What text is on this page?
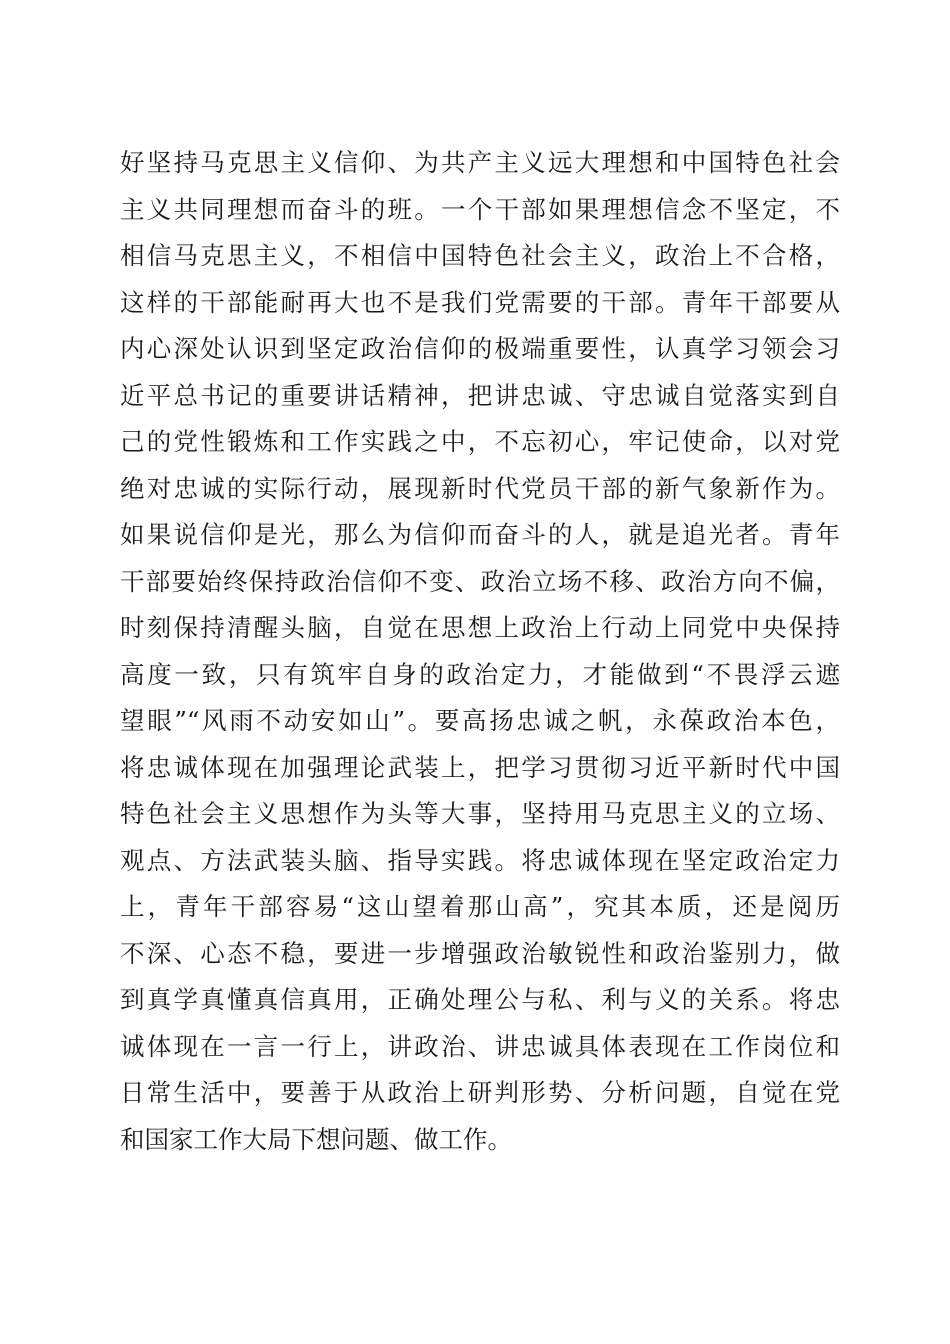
好坚持马克思主义信仰、为共产主义远大理想和中国特色社会
主义共同理想而奋斗的班。一个干部如果理想信念不坚定，不
相信马克思主义，不相信中国特色社会主义，政治上不合格，
这样的干部能耐再大也不是我们党需要的干部。青年干部要从
内心深处认识到坚定政治信仰的极端重要性，认真学习领会习
近平总书记的重要讲话精神，把讲忠诚、守忠诚自觉落实到自
己的党性锻炼和工作实践之中，不忘初心，牢记使命，以对党
绝对忠诚的实际行动，展现新时代党员干部的新气象新作为。
如果说信仰是光，那么为信仰而奋斗的人，就是追光者。青年
干部要始终保持政治信仰不变、政治立场不移、政治方向不偏，
时刻保持清醒头脑，自觉在思想上政治上行动上同党中央保持
高度一致，只有筑牢自身的政治定力，才能做到“不畏浮云遮
望眼”“风雨不动安如山”。要高扬忠诚之帆，永葆政治本色，
将忠诚体现在加强理论武装上，把学习贯彻习近平新时代中国
特色社会主义思想作为头等大事，坚持用马克思主义的立场、
观点、方法武装头脑、指导实践。将忠诚体现在坚定政治定力
上，青年干部容易“这山望着那山高”，究其本质，还是阅历
不深、心态不稳，要进一步增强政治敏锐性和政治鉴别力，做
到真学真懂真信真用，正确处理公与私、利与义的关系。将忠
诚体现在一言一行上，讲政治、讲忠诚具体表现在工作岗位和
日常生活中，要善于从政治上研判形势、分析问题，自觉在党
和国家工作大局下想问题、做工作。
